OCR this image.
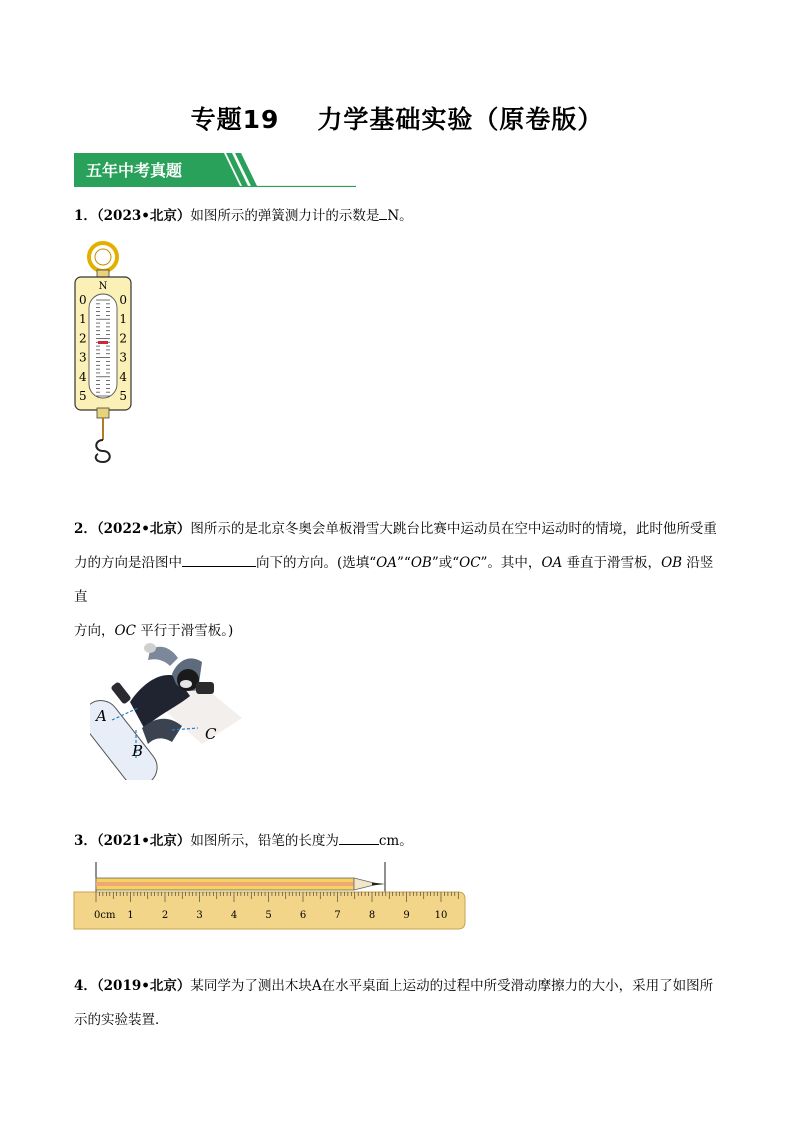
专题19 力学基础实验（原卷版）
五年中考真题
1．（2023•北京）如图所示的弹簧测力计的示数是 N。
N
0	0
1	1
2	2
3	3
4	4
5	5
2．（2022•北京）图所示的是北京冬奥会单板滑雪大跳台比赛中运动员在空中运动时的情境，此时他所受重
力的方向是沿图中	向下的方向。(选填“OA”“OB”或“OC”。其中，OA 垂直于滑雪板，OB 沿竖直
方向，OC 平行于滑雪板。)
A
B
C
3．（2021•北京）如图所示，铅笔的长度为	cm。
1	2	3	4	5	6	7	8	9 10
0cm
4．（2019•北京）某同学为了测出木块A在水平桌面上运动的过程中所受滑动摩擦力的大小，采用了如图所
示的实验装置．
